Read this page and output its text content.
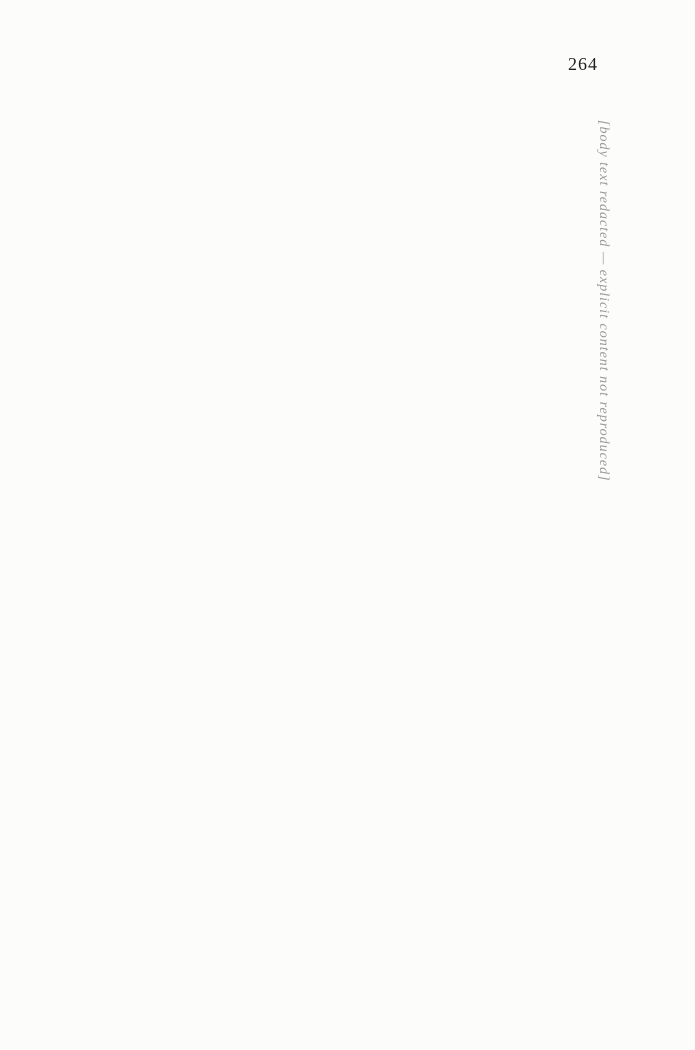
264

[body text redacted — explicit content not reproduced]
